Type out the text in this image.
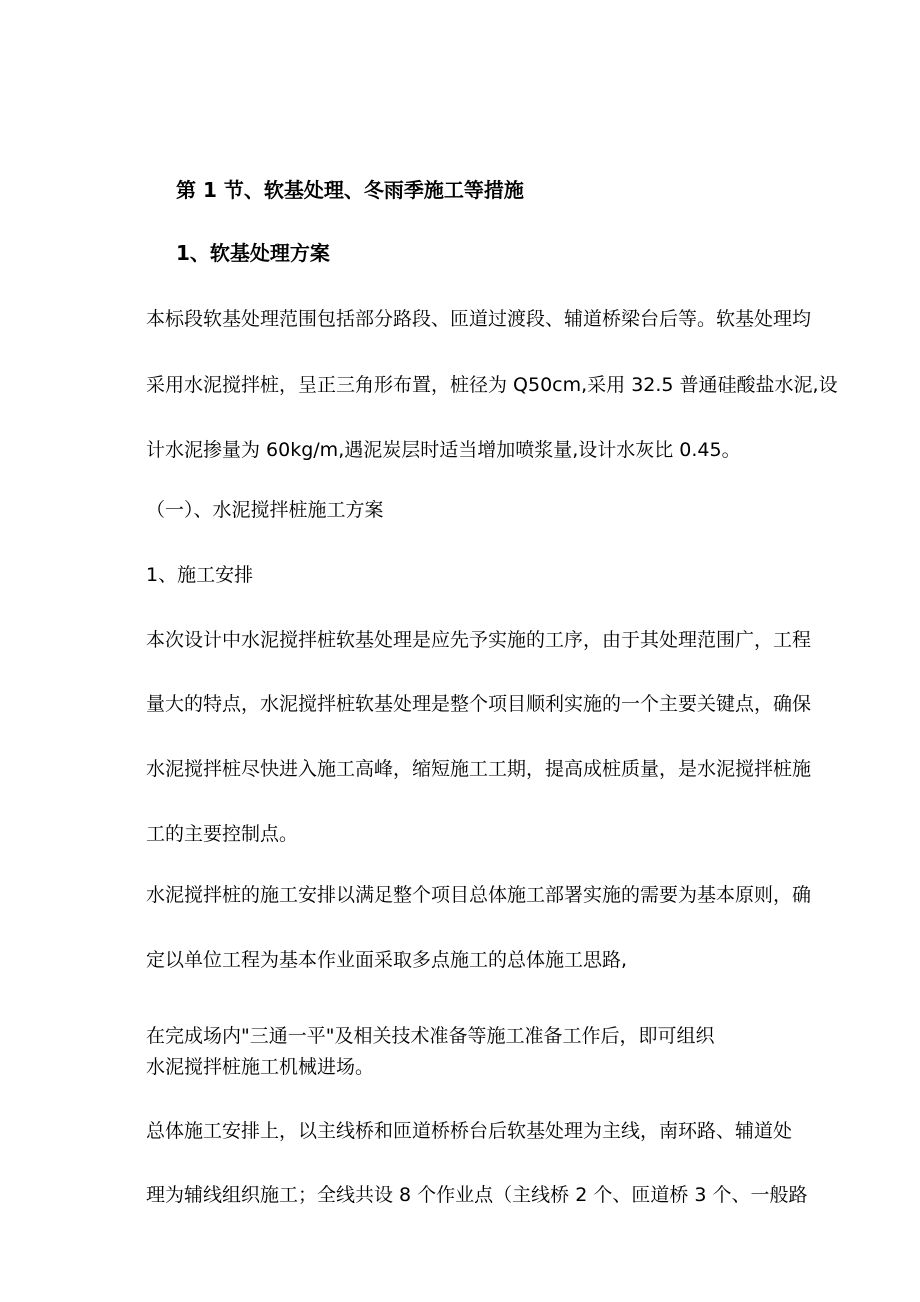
第 1 节、软基处理、冬雨季施工等措施
1、软基处理方案
本标段软基处理范围包括部分路段、匝道过渡段、辅道桥梁台后等。软基处理均
采用水泥搅拌桩，呈正三角形布置，桩径为 Q50cm,采用 32.5 普通硅酸盐水泥,设
计水泥掺量为 60kg/m,遇泥炭层时适当增加喷浆量,设计水灰比 0.45。
（一）、水泥搅拌桩施工方案
1、施工安排
本次设计中水泥搅拌桩软基处理是应先予实施的工序，由于其处理范围广，工程
量大的特点，水泥搅拌桩软基处理是整个项目顺利实施的一个主要关键点，确保
水泥搅拌桩尽快进入施工高峰，缩短施工工期，提高成桩质量，是水泥搅拌桩施
工的主要控制点。
水泥搅拌桩的施工安排以满足整个项目总体施工部署实施的需要为基本原则，确
定以单位工程为基本作业面采取多点施工的总体施工思路,
在完成场内"三通一平"及相关技术准备等施工准备工作后，即可组织
水泥搅拌桩施工机械进场。
总体施工安排上，以主线桥和匝道桥桥台后软基处理为主线，南环路、辅道处
理为辅线组织施工；全线共设 8 个作业点（主线桥 2 个、匝道桥 3 个、一般路
